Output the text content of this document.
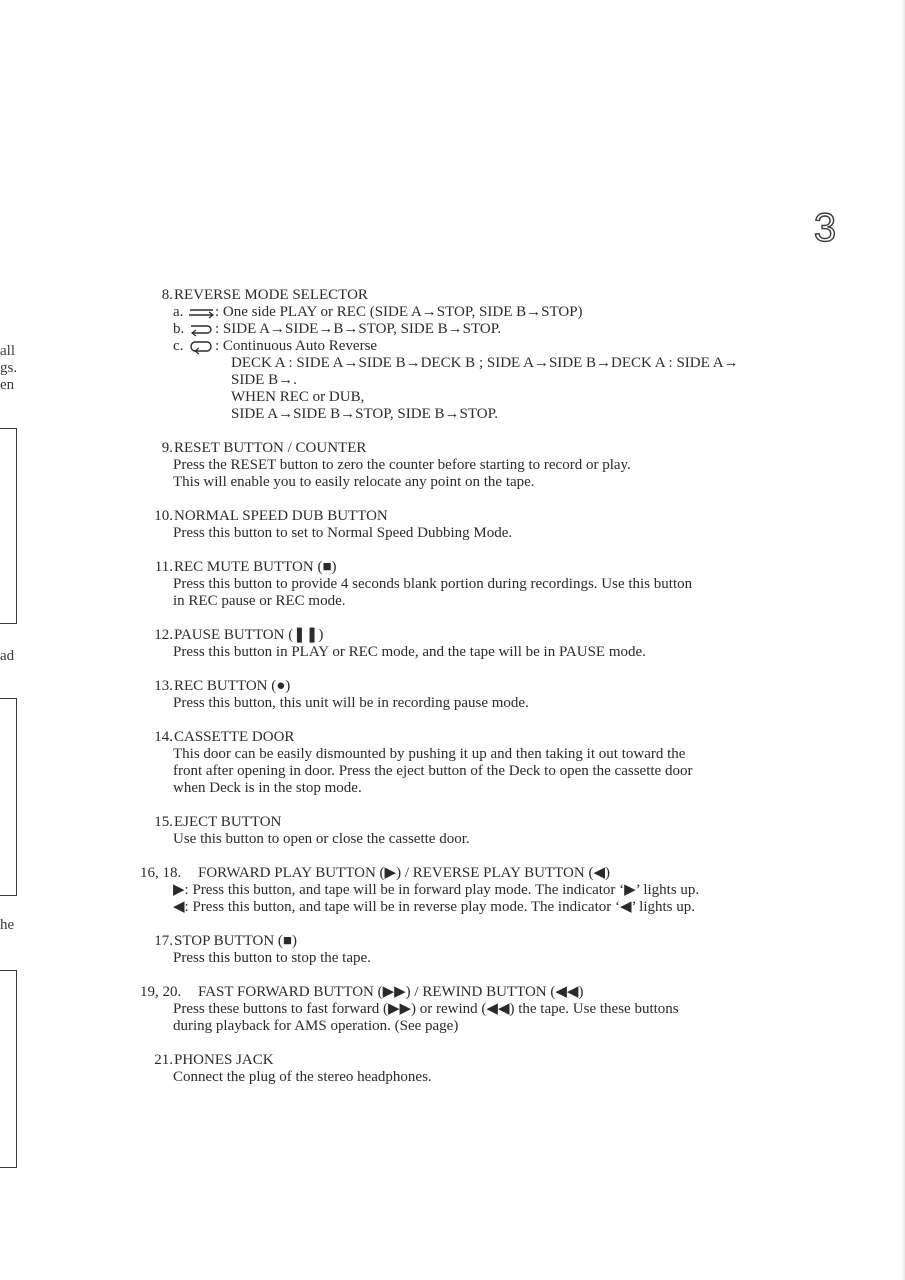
3
all
gs.
en
ad
he
8. REVERSE MODE SELECTOR
a. : One side PLAY or REC (SIDE A→STOP, SIDE B→STOP)
b. : SIDE A→SIDE→B→STOP, SIDE B→STOP.
c. : Continuous Auto Reverse
DECK A : SIDE A→SIDE B→DECK B ; SIDE A→SIDE B→DECK A : SIDE A→
SIDE B→.
WHEN REC or DUB,
SIDE A→SIDE B→STOP, SIDE B→STOP.
9. RESET BUTTON / COUNTER
Press the RESET button to zero the counter before starting to record or play.
This will enable you to easily relocate any point on the tape.
10. NORMAL SPEED DUB BUTTON
Press this button to set to Normal Speed Dubbing Mode.
11. REC MUTE BUTTON (■)
Press this button to provide 4 seconds blank portion during recordings. Use this button
in REC pause or REC mode.
12. PAUSE BUTTON (❚❚)
Press this button in PLAY or REC mode, and the tape will be in PAUSE mode.
13. REC BUTTON (●)
Press this button, this unit will be in recording pause mode.
14. CASSETTE DOOR
This door can be easily dismounted by pushing it up and then taking it out toward the
front after opening in door. Press the eject button of the Deck to open the cassette door
when Deck is in the stop mode.
15. EJECT BUTTON
Use this button to open or close the cassette door.
16, 18. FORWARD PLAY BUTTON (▶) / REVERSE PLAY BUTTON (◀)
▶: Press this button, and tape will be in forward play mode. The indicator ‘▶’ lights up.
◀: Press this button, and tape will be in reverse play mode. The indicator ‘◀’ lights up.
17. STOP BUTTON (■)
Press this button to stop the tape.
19, 20. FAST FORWARD BUTTON (▶▶) / REWIND BUTTON (◀◀)
Press these buttons to fast forward (▶▶) or rewind (◀◀) the tape. Use these buttons
during playback for AMS operation. (See page)
21. PHONES JACK
Connect the plug of the stereo headphones.
